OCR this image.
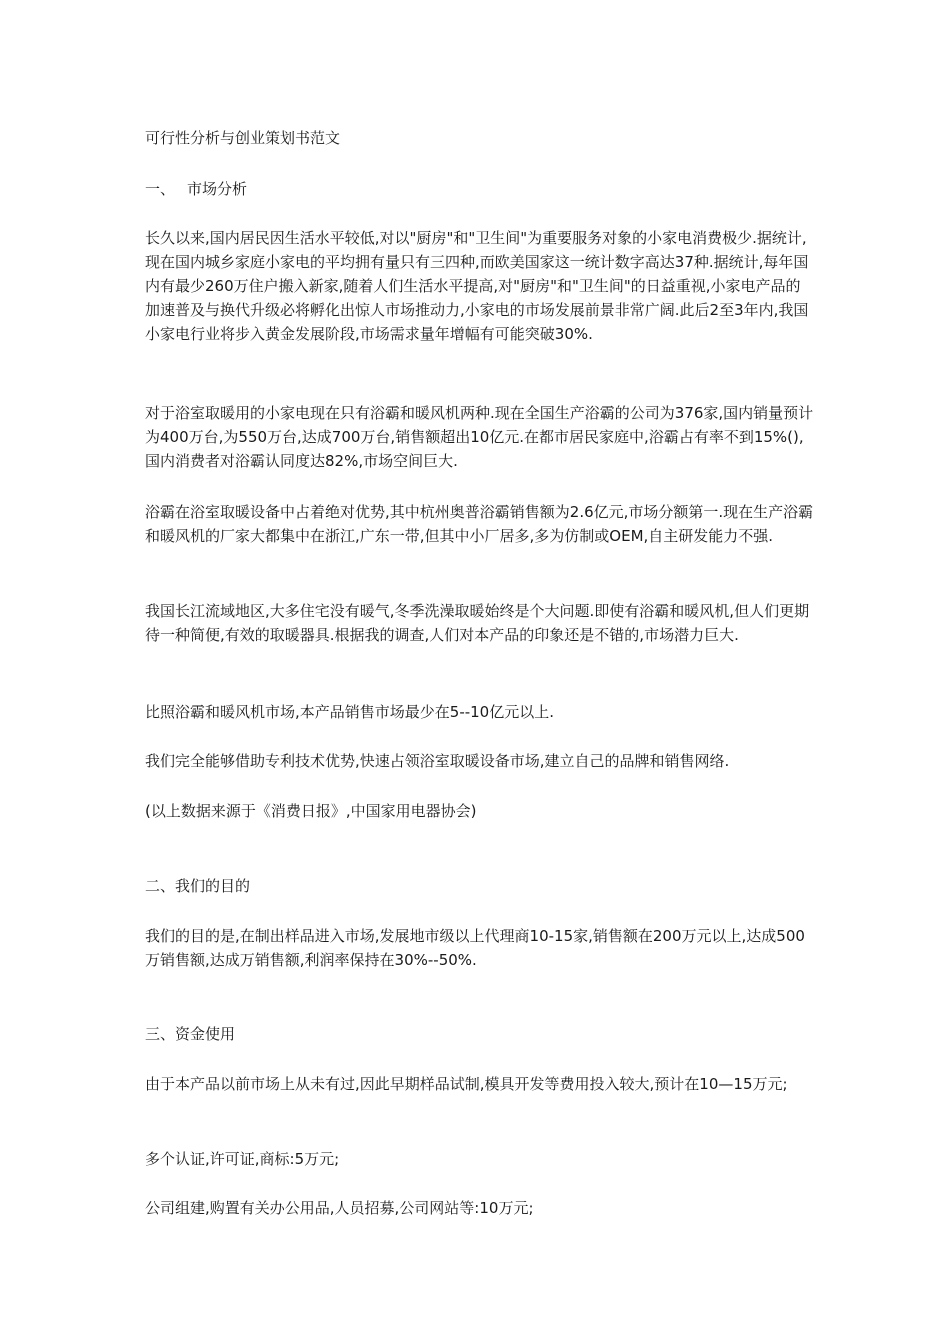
可行性分析与创业策划书范文
一、 市场分析
长久以来,国内居民因生活水平较低,对以"厨房"和"卫生间"为重要服务对象的小家电消费极少.据统计,现在国内城乡家庭小家电的平均拥有量只有三四种,而欧美国家这一统计数字高达37种.据统计,每年国内有最少260万住户搬入新家,随着人们生活水平提高,对"厨房"和"卫生间"的日益重视,小家电产品的加速普及与换代升级必将孵化出惊人市场推动力,小家电的市场发展前景非常广阔.此后2至3年内,我国小家电行业将步入黄金发展阶段,市场需求量年增幅有可能突破30%.
对于浴室取暖用的小家电现在只有浴霸和暖风机两种.现在全国生产浴霸的公司为376家,国内销量预计为400万台,为550万台,达成700万台,销售额超出10亿元.在都市居民家庭中,浴霸占有率不到15%(),国内消费者对浴霸认同度达82%,市场空间巨大.
浴霸在浴室取暖设备中占着绝对优势,其中杭州奥普浴霸销售额为2.6亿元,市场分额第一.现在生产浴霸和暖风机的厂家大都集中在浙江,广东一带,但其中小厂居多,多为仿制或OEM,自主研发能力不强.
我国长江流域地区,大多住宅没有暖气,冬季洗澡取暖始终是个大问题.即使有浴霸和暖风机,但人们更期待一种简便,有效的取暖器具.根据我的调查,人们对本产品的印象还是不错的,市场潜力巨大.
比照浴霸和暖风机市场,本产品销售市场最少在5--10亿元以上.
我们完全能够借助专利技术优势,快速占领浴室取暖设备市场,建立自己的品牌和销售网络.
(以上数据来源于《消费日报》,中国家用电器协会)
二、我们的目的
我们的目的是,在制出样品进入市场,发展地市级以上代理商10-15家,销售额在200万元以上,达成500万销售额,达成万销售额,利润率保持在30%--50%.
三、资金使用
由于本产品以前市场上从未有过,因此早期样品试制,模具开发等费用投入较大,预计在10—15万元;
多个认证,许可证,商标:5万元;
公司组建,购置有关办公用品,人员招募,公司网站等:10万元;
